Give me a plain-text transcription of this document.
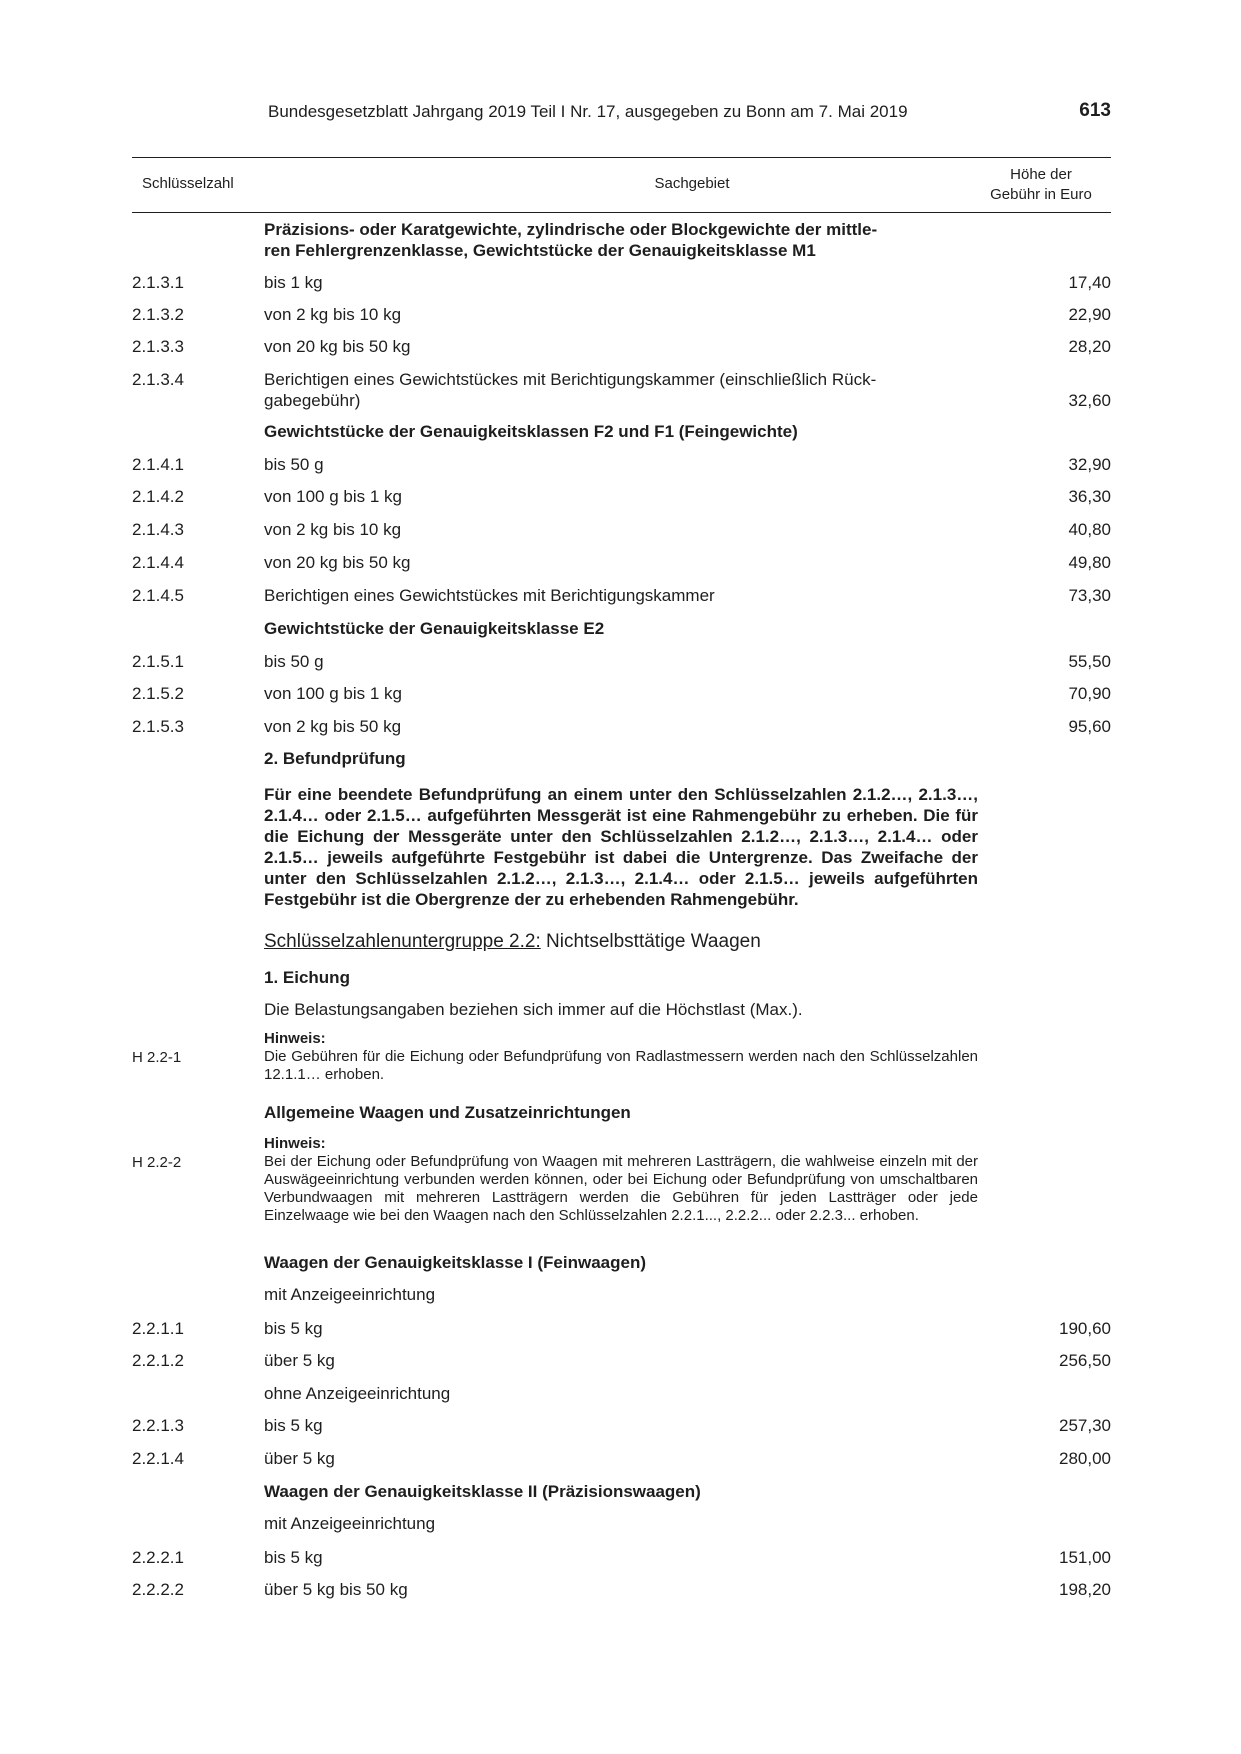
Bundesgesetzblatt Jahrgang 2019 Teil I Nr. 17, ausgegeben zu Bonn am 7. Mai 2019	613
Schlüsselzahl	Sachgebiet
Höhe der
Gebühr in Euro
Präzisions- oder Karatgewichte, zylindrische oder Blockgewichte der mittle-
ren Fehlergrenzenklasse, Gewichtstücke der Genauigkeitsklasse M1
2.1.3.1	bis 1 kg	17,40
2.1.3.2	von 2 kg bis 10 kg	22,90
2.1.3.3	von 20 kg bis 50 kg	28,20
2.1.3.4	Berichtigen eines Gewichtstückes mit Berichtigungskammer (einschließlich Rück-
gabegebühr)	32,60
Gewichtstücke der Genauigkeitsklassen F2 und F1 (Feingewichte)
2.1.4.1	bis 50 g	32,90
2.1.4.2	von 100 g bis 1 kg	36,30
2.1.4.3	von 2 kg bis 10 kg	40,80
2.1.4.4	von 20 kg bis 50 kg	49,80
2.1.4.5	Berichtigen eines Gewichtstückes mit Berichtigungskammer	73,30
Gewichtstücke der Genauigkeitsklasse E2
2.1.5.1	bis 50 g	55,50
2.1.5.2	von 100 g bis 1 kg	70,90
2.1.5.3	von 2 kg bis 50 kg	95,60
2. Befundprüfung
Für eine beendete Befundprüfung an einem unter den Schlüsselzahlen 2.1.2…, 2.1.3…, 2.1.4… oder 2.1.5… aufgeführten Messgerät ist eine Rahmengebühr zu erheben. Die für die Eichung der Messgeräte unter den Schlüsselzahlen 2.1.2…, 2.1.3…, 2.1.4… oder 2.1.5… jeweils aufgeführte Festgebühr ist dabei die Untergrenze. Das Zweifache der unter den Schlüsselzahlen 2.1.2…, 2.1.3…, 2.1.4… oder 2.1.5… jeweils aufgeführten Festgebühr ist die Obergrenze der zu erhebenden Rahmengebühr.
Schlüsselzahlenuntergruppe 2.2: Nichtselbsttätige Waagen
1. Eichung
Die Belastungsangaben beziehen sich immer auf die Höchstlast (Max.).
H 2.2-1
Hinweis:

Die Gebühren für die Eichung oder Befundprüfung von Radlastmessern werden nach den Schlüsselzahlen 12.1.1… erhoben.
Allgemeine Waagen und Zusatzeinrichtungen
H 2.2-2
Hinweis:

Bei der Eichung oder Befundprüfung von Waagen mit mehreren Lastträgern, die wahlweise einzeln mit der Auswägeeinrichtung verbunden werden können, oder bei Eichung oder Befundprüfung von umschaltbaren Verbundwaagen mit mehreren Lastträgern werden die Gebühren für jeden Lastträger oder jede Einzelwaage wie bei den Waagen nach den Schlüsselzahlen 2.2.1..., 2.2.2... oder 2.2.3... erhoben.
Waagen der Genauigkeitsklasse I (Feinwaagen)
mit Anzeigeeinrichtung
2.2.1.1	bis 5 kg	190,60
2.2.1.2	über 5 kg	256,50
ohne Anzeigeeinrichtung
2.2.1.3	bis 5 kg	257,30
2.2.1.4	über 5 kg	280,00
Waagen der Genauigkeitsklasse II (Präzisionswaagen)
mit Anzeigeeinrichtung
2.2.2.1	bis 5 kg	151,00
2.2.2.2	über 5 kg bis 50 kg	198,20
